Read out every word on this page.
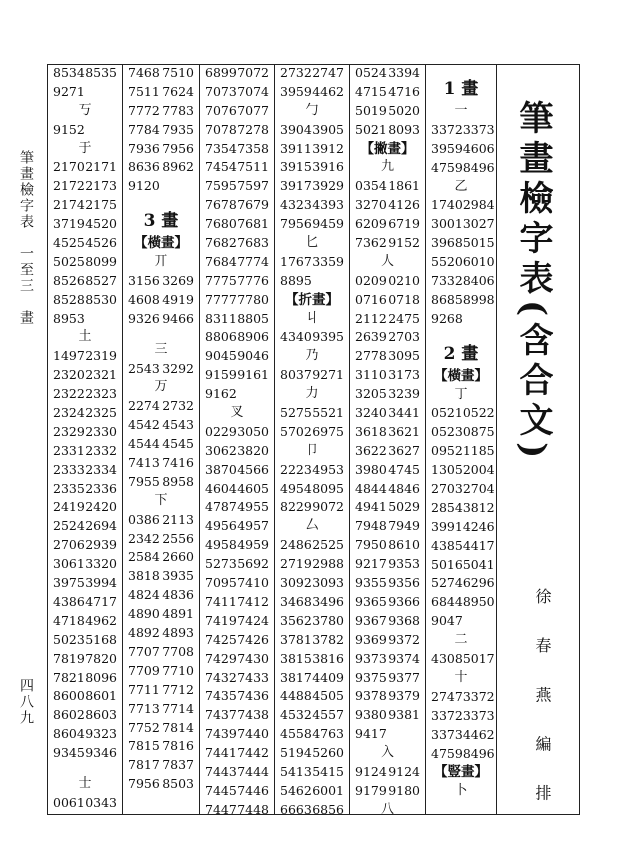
筆畫檢字表　一至三　畫
四八九
8534 8535
9271
丂
9152
于
2170 2171
2172 2173
2174 2175
3719 4520
4525 4526
5025 8099
8526 8527
8528 8530
8953
土
1497 2319
2320 2321
2322 2323
2324 2325
2329 2330
2331 2332
2333 2334
2335 2336
2419 2420
2524 2694
2706 2939
3061 3320
3975 3994
4386 4717
4718 4962
5023 5168
7819 7820
7821 8096
8600 8601
8602 8603
8604 9323
9345 9346
士
0061 0343
7468 7510
7511 7624
7772 7783
7784 7935
7936 7956
8636 8962
9120
3 畫
【橫畫】
丌
3156 3269
4608 4919
9326 9466
三
2543 3292
万
2274 2732
4542 4543
4544 4545
7413 7416
7955 8958
下
0386 2113
2342 2556
2584 2660
3818 3935
4824 4836
4890 4891
4892 4893
7707 7708
7709 7710
7711 7712
7713 7714
7752 7814
7815 7816
7817 7837
7956 8503
6899 7072
7073 7074
7076 7077
7078 7278
7354 7358
7454 7511
7595 7597
7678 7679
7680 7681
7682 7683
7684 7774
7775 7776
7777 7780
8311 8805
8806 8906
9045 9046
9159 9161
9162
叉
0229 3050
3062 3820
3870 4566
4604 4605
4787 4955
4956 4957
4958 4959
5273 5692
7095 7410
7411 7412
7419 7424
7425 7426
7429 7430
7432 7433
7435 7436
7437 7438
7439 7440
7441 7442
7443 7444
7445 7446
7447 7448
2732 2747
3959 4462
勹
3904 3905
3911 3912
3915 3916
3917 3929
4323 4393
7956 9459
匕
1767 3359
8895
【折畫】
丩
4340 9395
乃
8037 9271
力
5275 5521
5702 6975
卩
2223 4953
4954 8095
8229 9072
厶
2486 2525
2719 2988
3092 3093
3468 3496
3562 3780
3781 3782
3815 3816
3817 4409
4488 4505
4532 4557
4558 4763
5194 5260
5413 5415
5462 6001
6663 6856
0524 3394
4715 4716
5019 5020
5021 8093
【撇畫】
九
0354 1861
3270 4126
6209 6719
7362 9152
人
0209 0210
0716 0718
2112 2475
2639 2703
2778 3095
3110 3173
3205 3239
3240 3441
3618 3621
3622 3627
3980 4745
4844 4846
4941 5029
7948 7949
7950 8610
9217 9353
9355 9356
9365 9366
9367 9368
9369 9372
9373 9374
9375 9377
9378 9379
9380 9381
9417
入
9124 9124
9179 9180
八
1 畫
一
3372 3373
3959 4606
4759 8496
乙
1740 2984
3001 3027
3968 5015
5520 6010
7332 8406
8685 8998
9268
2 畫
【橫畫】
丁
0521 0522
0523 0875
0952 1185
1305 2004
2703 2704
2854 3812
3991 4246
4385 4417
5016 5041
5274 6296
6844 8950
9047
二
4308 5017
十
2747 3372
3372 3373
3373 4462
4759 8496
【豎畫】
卜
筆畫檢字表(含合文)
徐 春 燕 編 排
